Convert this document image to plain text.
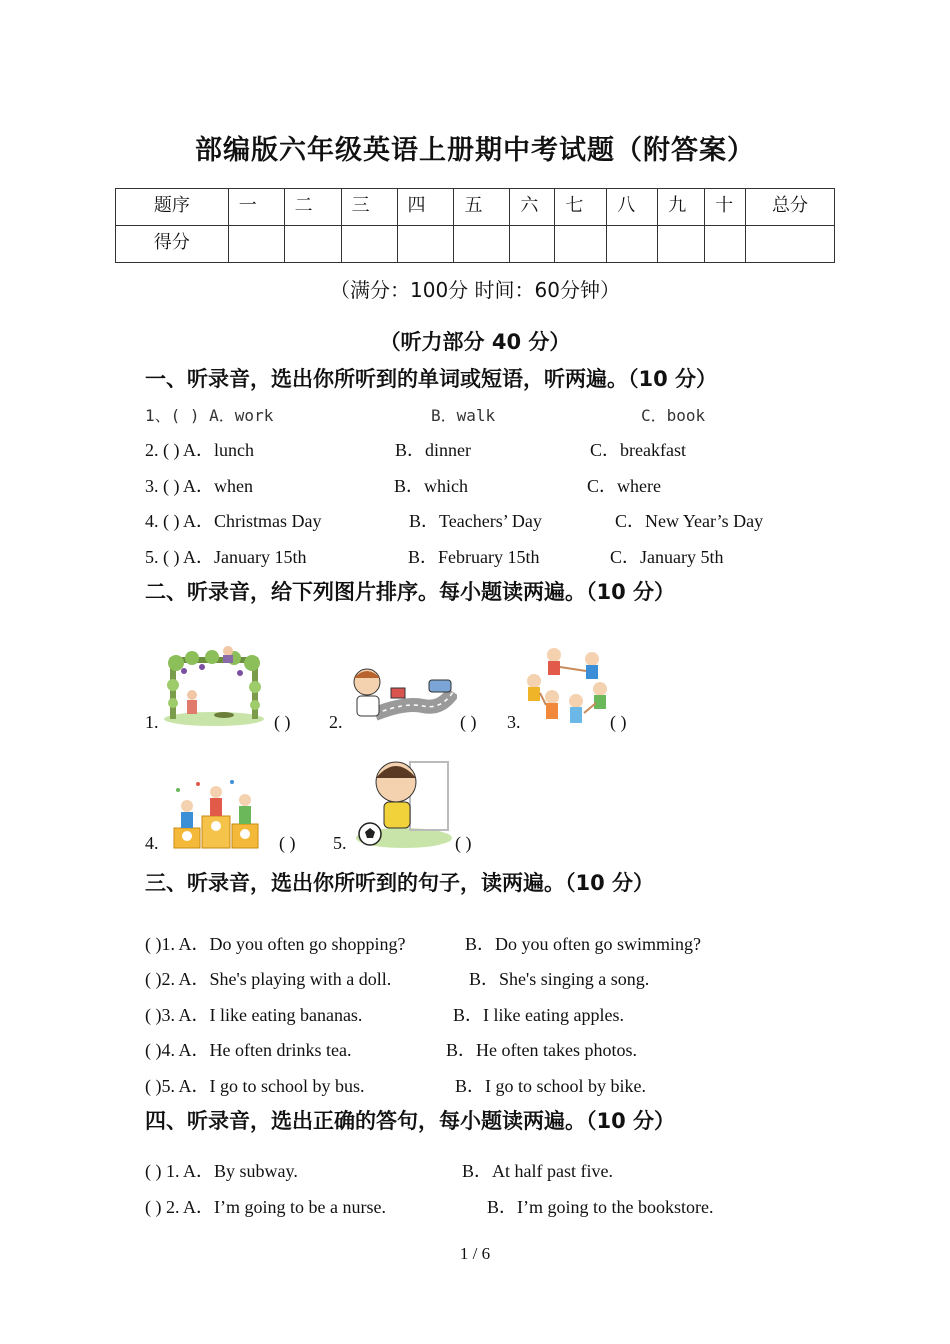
部编版六年级英语上册期中考试题（附答案）
题序	一	二	三	四	五	六	七	八	九	十	总分

得分											

（满分：100分 时间：60分钟）
（听力部分 40 分）
一、听录音，选出你所听到的单词或短语，听两遍。（10 分）
1、( ) A．work	B．walk	C．book
2. ( ) A．lunch	B．dinner	C．breakfast
3. ( ) A．when	B．which	C．where
4. ( ) A．Christmas Day	B．Teachers’ Day	C．New Year’s Day
5. ( ) A．January 15th	B．February 15th	C．January 5th
二、听录音，给下列图片排序。每小题读两遍。（10 分）
1.	( ) 2.	( ) 3.	( )
4.	( ) 5.	( )
三、听录音，选出你所听到的句子，读两遍。（10 分）
( )1. A．Do you often go shopping?	B．Do you often go swimming?
( )2. A．She's playing with a doll.	B．She's singing a song.
( )3. A．I like eating bananas.	B．I like eating apples.
( )4. A．He often drinks tea.	B．He often takes photos.
( )5. A．I go to school by bus.	B．I go to school by bike.
四、听录音，选出正确的答句，每小题读两遍。（10 分）
( ) 1. A．By subway.	B．At half past five.
( ) 2. A．I’m going to be a nurse.	B．I’m going to the bookstore.
1 / 6
